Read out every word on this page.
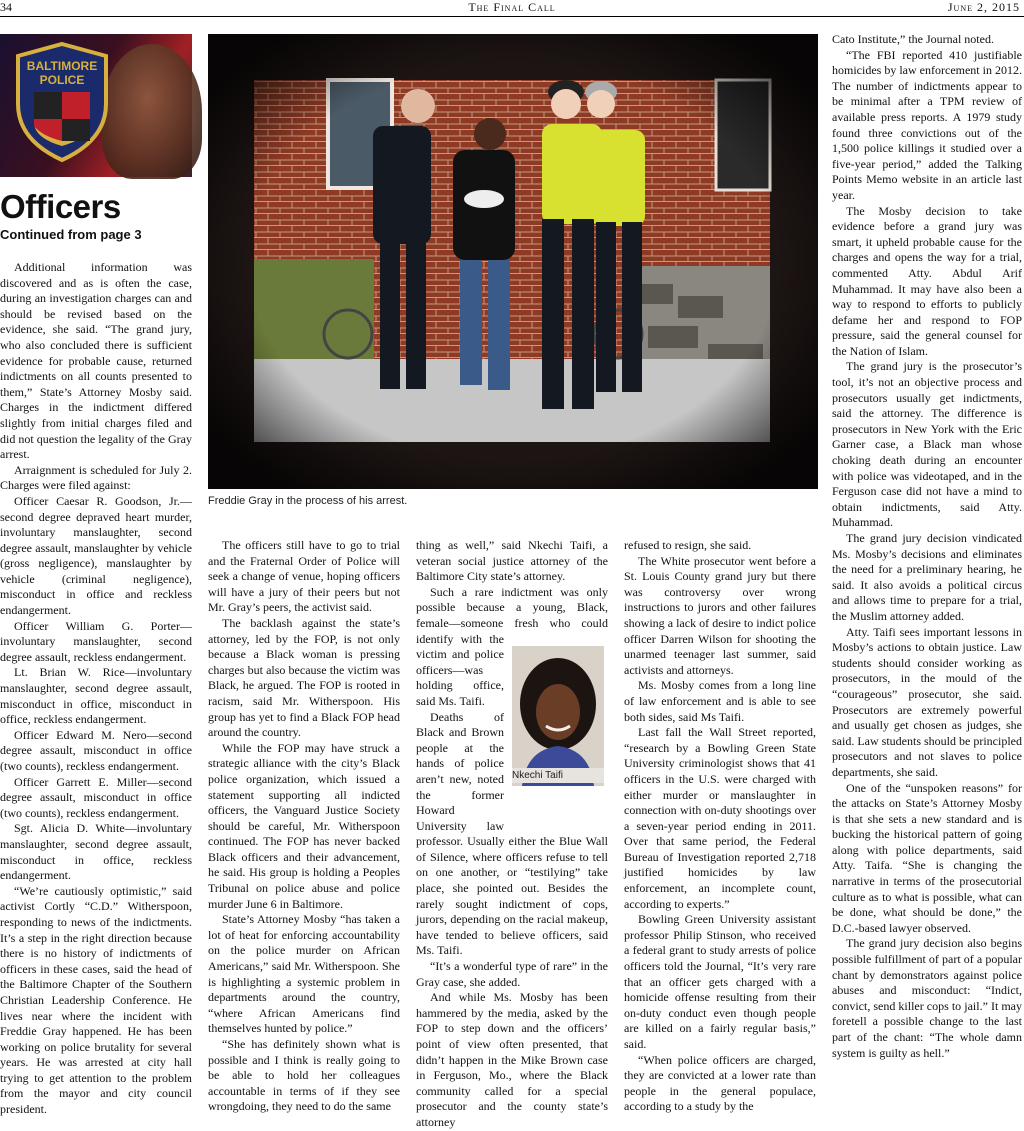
34	The Final Call	June 2, 2015
BALTIMORE
POLICE
Officers
Continued from page 3
Freddie Gray in the process of his arrest.
Nkechi Taifi

Additional information was discovered and as is often the case, during an investigation charges can and should be revised based on the evidence, she said. “The grand jury, who also concluded there is sufficient evidence for probable cause, returned indictments on all counts presented to them,” State’s Attorney Mosby said. Charges in the indictment differed slightly from initial charges filed and did not question the legality of the Gray arrest.

Arraignment is scheduled for July 2. Charges were filed against:

Officer Caesar R. Goodson, Jr.—second degree depraved heart murder, involuntary manslaughter, second degree assault, manslaughter by vehicle (gross negligence), manslaughter by vehicle (criminal negligence), misconduct in office and reckless endangerment.

Officer William G. Porter—involuntary manslaughter, second degree assault, reckless endangerment.

Lt. Brian W. Rice—involuntary manslaughter, second degree assault, misconduct in office, misconduct in office, reckless endangerment.

Officer Edward M. Nero—second degree assault, misconduct in office (two counts), reckless endangerment.

Officer Garrett E. Miller—second degree assault, misconduct in office (two counts), reckless endangerment.

Sgt. Alicia D. White—involuntary manslaughter, second degree assault, misconduct in office, reckless endangerment.

“We’re cautiously optimistic,” said activist Cortly “C.D.” Witherspoon, responding to news of the indictments. It’s a step in the right direction because there is no history of indictments of officers in these cases, said the head of the Baltimore Chapter of the Southern Christian Leadership Conference. He lives near where the incident with Freddie Gray happened. He has been working on police brutality for several years. He was arrested at city hall trying to get attention to the problem from the mayor and city council president.

The officers still have to go to trial and the Fraternal Order of Police will seek a change of venue, hoping officers will have a jury of their peers but not Mr. Gray’s peers, the activist said.

The backlash against the state’s attorney, led by the FOP, is not only because a Black woman is pressing charges but also because the victim was Black, he argued. The FOP is rooted in racism, said Mr. Witherspoon. His group has yet to find a Black FOP head around the country.

While the FOP may have struck a strategic alliance with the city’s Black police organization, which issued a statement supporting all indicted officers, the Vanguard Justice Society should be careful, Mr. Witherspoon continued. The FOP has never backed Black officers and their advancement, he said. His group is holding a Peoples Tribunal on police abuse and police murder June 6 in Baltimore.

State’s Attorney Mosby “has taken a lot of heat for enforcing accountability on the police murder on African Americans,” said Mr. Witherspoon. She is highlighting a systemic problem in departments around the country, “where African Americans find themselves hunted by police.”

“She has definitely shown what is possible and I think is really going to be able to hold her colleagues accountable in terms of if they see wrongdoing, they need to do the same

thing as well,” said Nkechi Taifi, a veteran social justice attorney of the Baltimore City state’s attorney.

Such a rare indictment was only possible because a young, Black, female—someone fresh who could identify with the victim and police officers—was holding office, said Ms. Taifi.

Deaths of Black and Brown people at the hands of police aren’t new, noted the former Howard University law professor. Usually either the Blue Wall of Silence, where officers refuse to tell on one another, or “testilying” take place, she pointed out. Besides the rarely sought indictment of cops, jurors, depending on the racial makeup, have tended to believe officers, said Ms. Taifi.

“It’s a wonderful type of rare” in the Gray case, she added.

And while Ms. Mosby has been hammered by the media, asked by the FOP to step down and the officers’ point of view often presented, that didn’t happen in the Mike Brown case in Ferguson, Mo., where the Black community called for a special prosecutor and the county state’s attorney

refused to resign, she said.

The White prosecutor went before a St. Louis County grand jury but there was controversy over wrong instructions to jurors and other failures showing a lack of desire to indict police officer Darren Wilson for shooting the unarmed teenager last summer, said activists and attorneys.

Ms. Mosby comes from a long line of law enforcement and is able to see both sides, said Ms Taifi.

Last fall the Wall Street reported, “research by a Bowling Green State University criminologist shows that 41 officers in the U.S. were charged with either murder or manslaughter in connection with on-duty shootings over a seven-year period ending in 2011. Over that same period, the Federal Bureau of Investigation reported 2,718 justified homicides by law enforcement, an incomplete count, according to experts.”

Bowling Green University assistant professor Philip Stinson, who received a federal grant to study arrests of police officers told the Journal, “It’s very rare that an officer gets charged with a homicide offense resulting from their on-duty conduct even though people are killed on a fairly regular basis,” said.

“When police officers are charged, they are convicted at a lower rate than people in the general populace, according to a study by the

Cato Institute,” the Journal noted.

“The FBI reported 410 justifiable homicides by law enforcement in 2012. The number of indictments appear to be minimal after a TPM review of available press reports. A 1979 study found three convictions out of the 1,500 police killings it studied over a five-year period,” added the Talking Points Memo website in an article last year.

The Mosby decision to take evidence before a grand jury was smart, it upheld probable cause for the charges and opens the way for a trial, commented Atty. Abdul Arif Muhammad. It may have also been a way to respond to efforts to publicly defame her and respond to FOP pressure, said the general counsel for the Nation of Islam.

The grand jury is the prosecutor’s tool, it’s not an objective process and prosecutors usually get indictments, said the attorney. The difference is prosecutors in New York with the Eric Garner case, a Black man whose choking death during an encounter with police was videotaped, and in the Ferguson case did not have a mind to obtain indictments, said Atty. Muhammad.

The grand jury decision vindicated Ms. Mosby’s decisions and eliminates the need for a preliminary hearing, he said. It also avoids a political circus and allows time to prepare for a trial, the Muslim attorney added.

Atty. Taifi sees important lessons in Mosby’s actions to obtain justice. Law students should consider working as prosecutors, in the mould of the “courageous” prosecutor, she said. Prosecutors are extremely powerful and usually get chosen as judges, she said. Law students should be principled prosecutors and not slaves to police departments, she said.

One of the “unspoken reasons” for the attacks on State’s Attorney Mosby is that she sets a new standard and is bucking the historical pattern of going along with police departments, said Atty. Taifa. “She is changing the narrative in terms of the prosecutorial culture as to what is possible, what can be done, what should be done,” the D.C.-based lawyer observed.

The grand jury decision also begins possible fulfillment of part of a popular chant by demonstrators against police abuses and misconduct: “Indict, convict, send killer cops to jail.” It may foretell a possible change to the last part of the chant: “The whole damn system is guilty as hell.”
